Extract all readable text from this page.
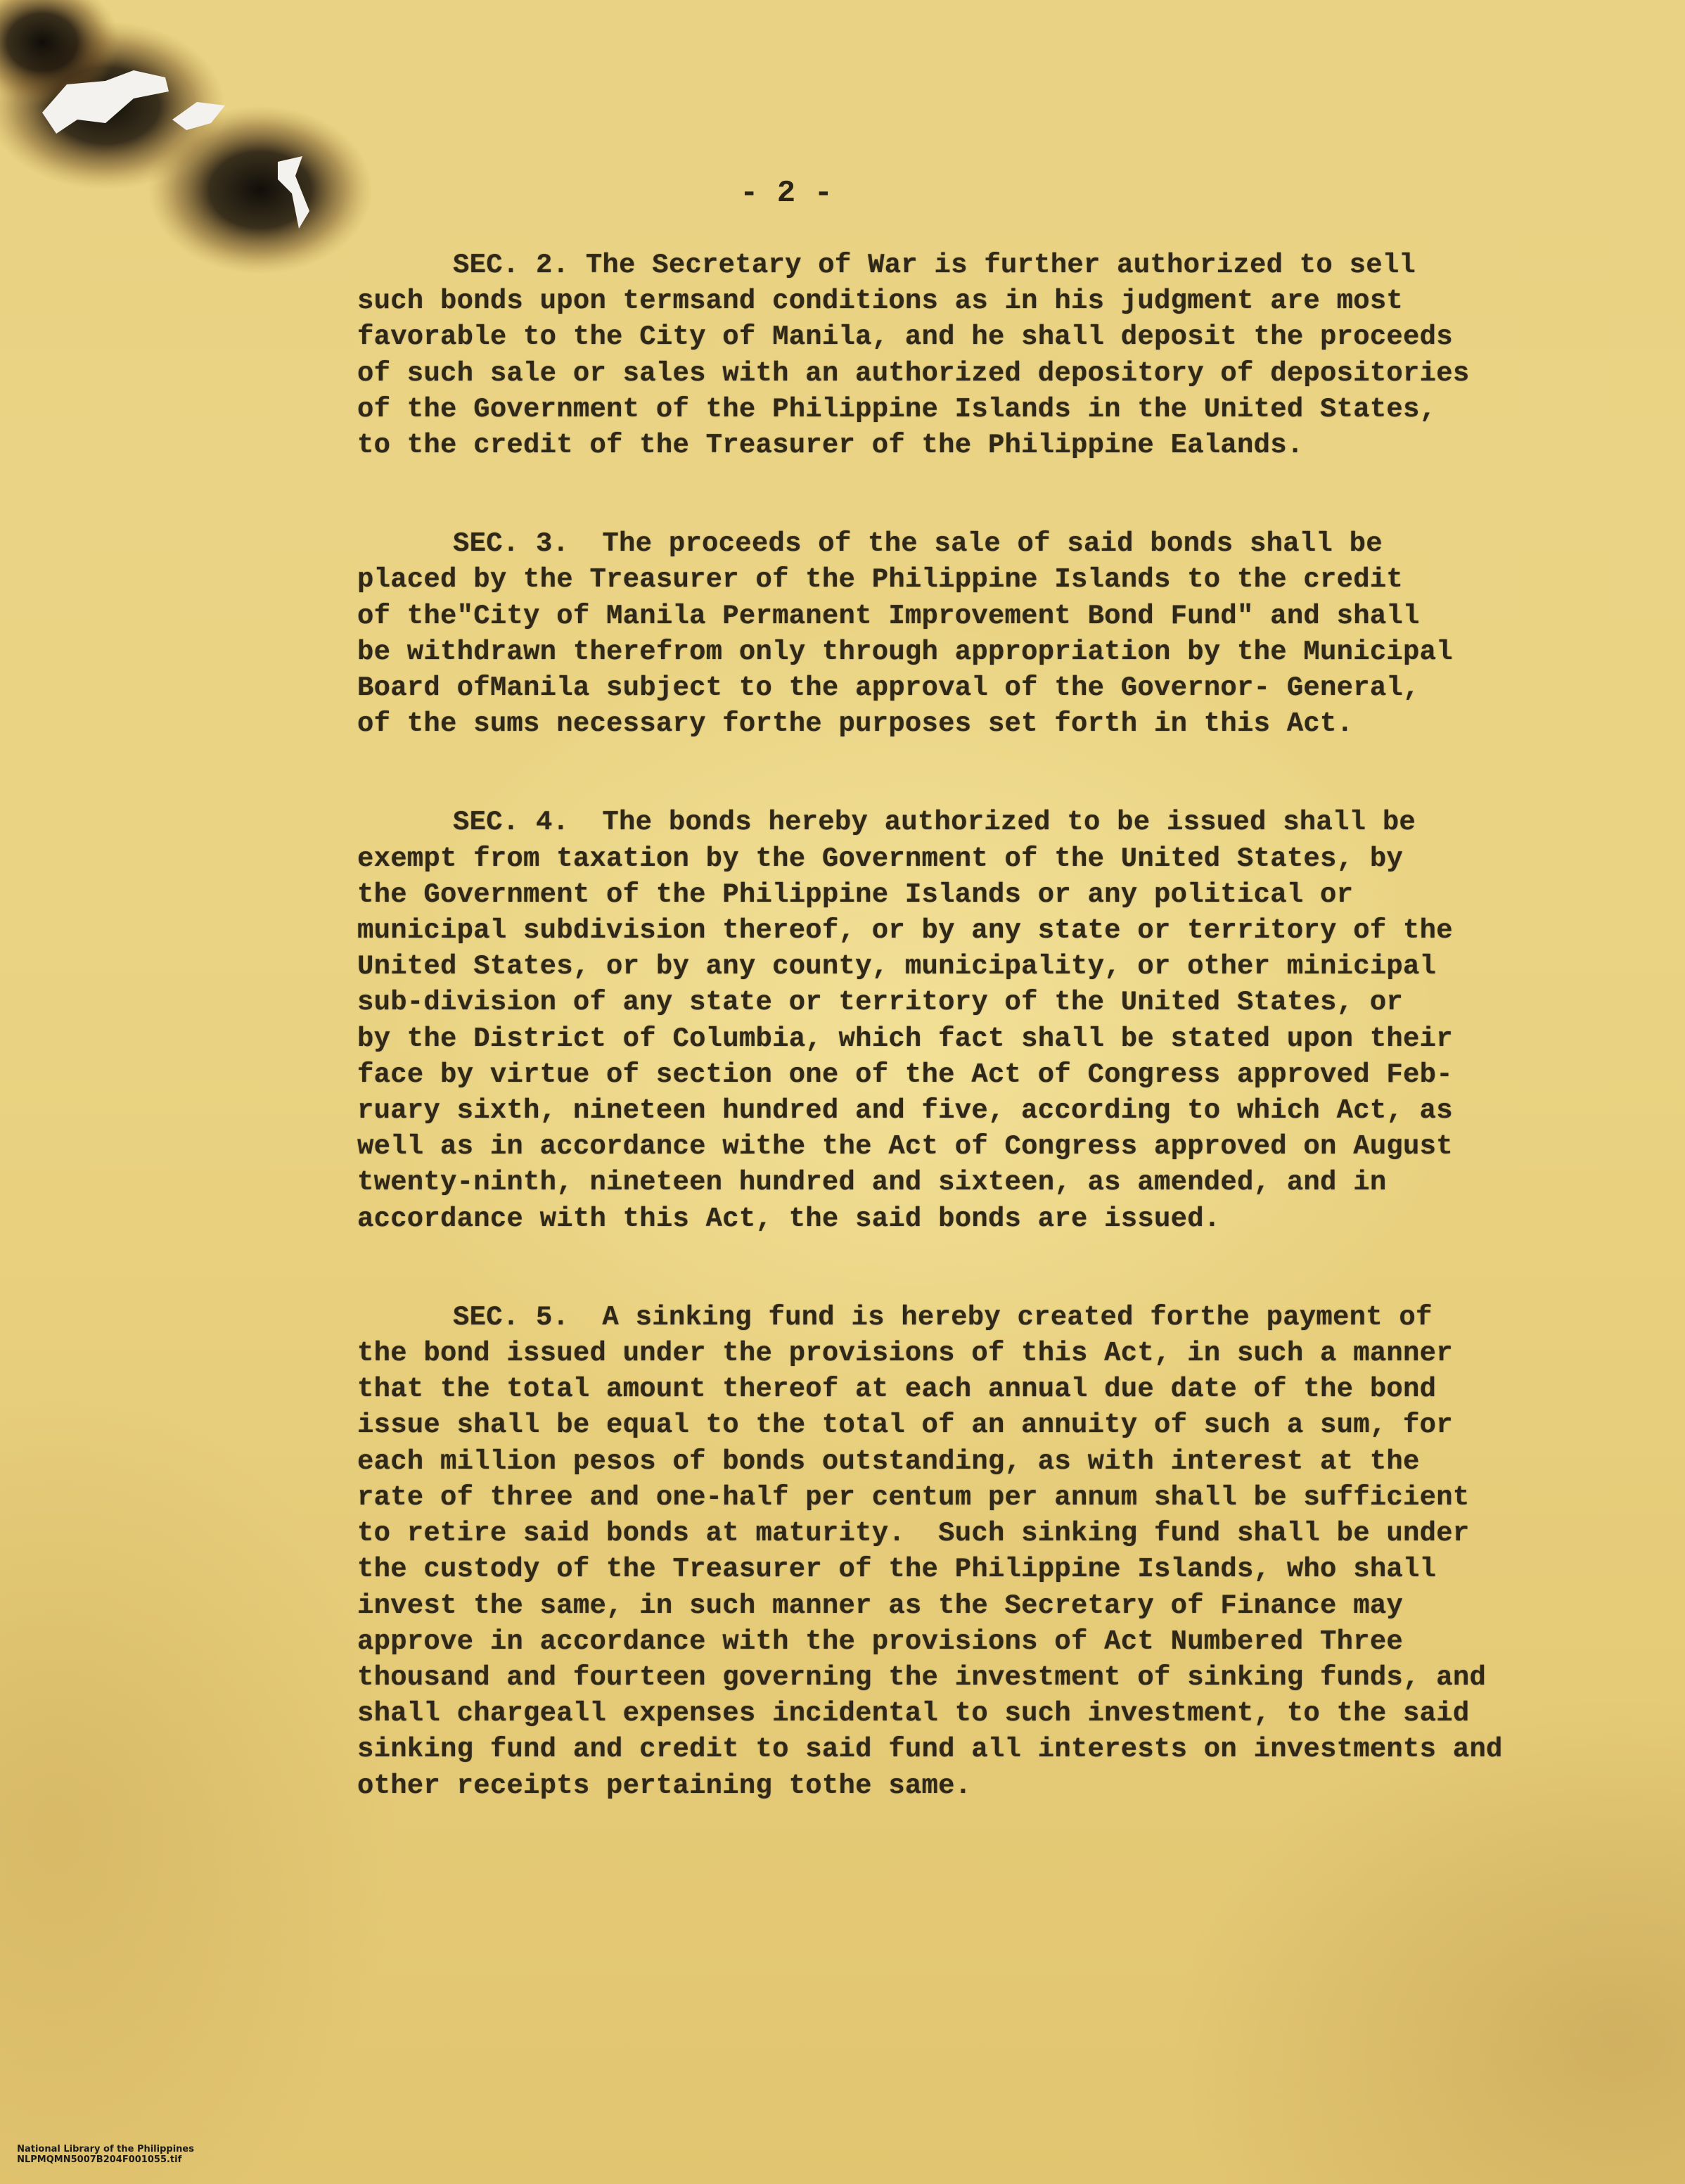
- 2 -
SEC. 2. The Secretary of War is further authorized to sell
such bonds upon termsand conditions as in his judgment are most
favorable to the City of Manila, and he shall deposit the proceeds
of such sale or sales with an authorized depository of depositories
of the Government of the Philippine Islands in the United States,
to the credit of the Treasurer of the Philippine Ealands.
SEC. 3.  The proceeds of the sale of said bonds shall be
placed by the Treasurer of the Philippine Islands to the credit
of the"City of Manila Permanent Improvement Bond Fund" and shall
be withdrawn therefrom only through appropriation by the Municipal
Board ofManila subject to the approval of the Governor- General,
of the sums necessary forthe purposes set forth in this Act.
SEC. 4.  The bonds hereby authorized to be issued shall be
exempt from taxation by the Government of the United States, by
the Government of the Philippine Islands or any political or
municipal subdivision thereof, or by any state or territory of the
United States, or by any county, municipality, or other minicipal
sub-division of any state or territory of the United States, or
by the District of Columbia, which fact shall be stated upon their
face by virtue of section one of the Act of Congress approved Feb-
ruary sixth, nineteen hundred and five, according to which Act, as
well as in accordance withe the Act of Congress approved on August
twenty-ninth, nineteen hundred and sixteen, as amended, and in
accordance with this Act, the said bonds are issued.
SEC. 5.  A sinking fund is hereby created forthe payment of
the bond issued under the provisions of this Act, in such a manner
that the total amount thereof at each annual due date of the bond
issue shall be equal to the total of an annuity of such a sum, for
each million pesos of bonds outstanding, as with interest at the
rate of three and one-half per centum per annum shall be sufficient
to retire said bonds at maturity.  Such sinking fund shall be under
the custody of the Treasurer of the Philippine Islands, who shall
invest the same, in such manner as the Secretary of Finance may
approve in accordance with the provisions of Act Numbered Three
thousand and fourteen governing the investment of sinking funds, and
shall chargeall expenses incidental to such investment, to the said
sinking fund and credit to said fund all interests on investments and
other receipts pertaining tothe same.

National Library of the Philippines
NLPMQMN5007B204F001055.tif
